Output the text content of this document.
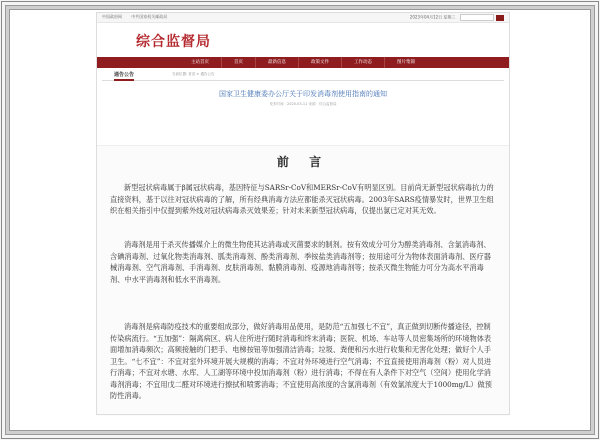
中国政府网 中共国家机关邮政局	2023年04月12日 星期三
综合监督局
主站首页	首页	最新信息	政策文件	工作动态	图片集锦
通告公告	当前位置: 首页 > 通告公告
国家卫生健康委办公厅关于印发消毒剂使用指南的通知
发布时间：2020-03-11 来源：综合监督局
前 言

新型冠状病毒属于β属冠状病毒，基因特征与SARSr-CoV和MERSr-CoV有明显区别。目前尚无新型冠状病毒抗力的直接资料，基于以往对冠状病毒的了解，所有经典消毒方法应都能杀灭冠状病毒。2003年SARS疫情暴发时，世界卫生组织在相关指引中仅提到紫外线对冠状病毒杀灭效果差；针对未来新型冠状病毒，仅提出氯已定对其无效。

消毒剂是用于杀灭传播媒介上的微生物使其达消毒或灭菌要求的制剂。按有效成分可分为醇类消毒剂、含氯消毒剂、含碘消毒剂、过氧化物类消毒剂、胍类消毒剂、酚类消毒剂、季铵盐类消毒剂等；按用途可分为物体表面消毒剂、医疗器械消毒剂、空气消毒剂、手消毒剂、皮肤消毒剂、黏膜消毒剂、疫源地消毒剂等；按杀灭微生物能力可分为高水平消毒剂、中水平消毒剂和低水平消毒剂。

消毒剂是病毒防疫技术的重要组成部分，做好消毒用品使用，是防范“五加强七不宜”，真正做到切断传播途径，控制传染病流行。“五加强”：隔离病区、病人住所进行随时消毒和终末消毒；医院、机场、车站等人员密集场所的环境物体表面增加消毒频次；高频接触的门把手、电梯按钮等加强清洁消毒；垃圾、粪便和污水进行收集和无害化处理；做好个人手卫生。“七不宜”：不宜对室外环境开展大规模的消毒；不宜对外环境进行空气消毒；不宜直接使用消毒剂（粉）对人员进行消毒；不宜对水塘、水库、人工湖等环境中投加消毒剂（粉）进行消毒；不得在有人条件下对空气（空间）使用化学消毒剂消毒；不宜用戊二醛对环境进行擦拭和喷雾消毒；不宜使用高浓度的含氯消毒剂（有效氯浓度大于1000mg/L）做预防性消毒。
